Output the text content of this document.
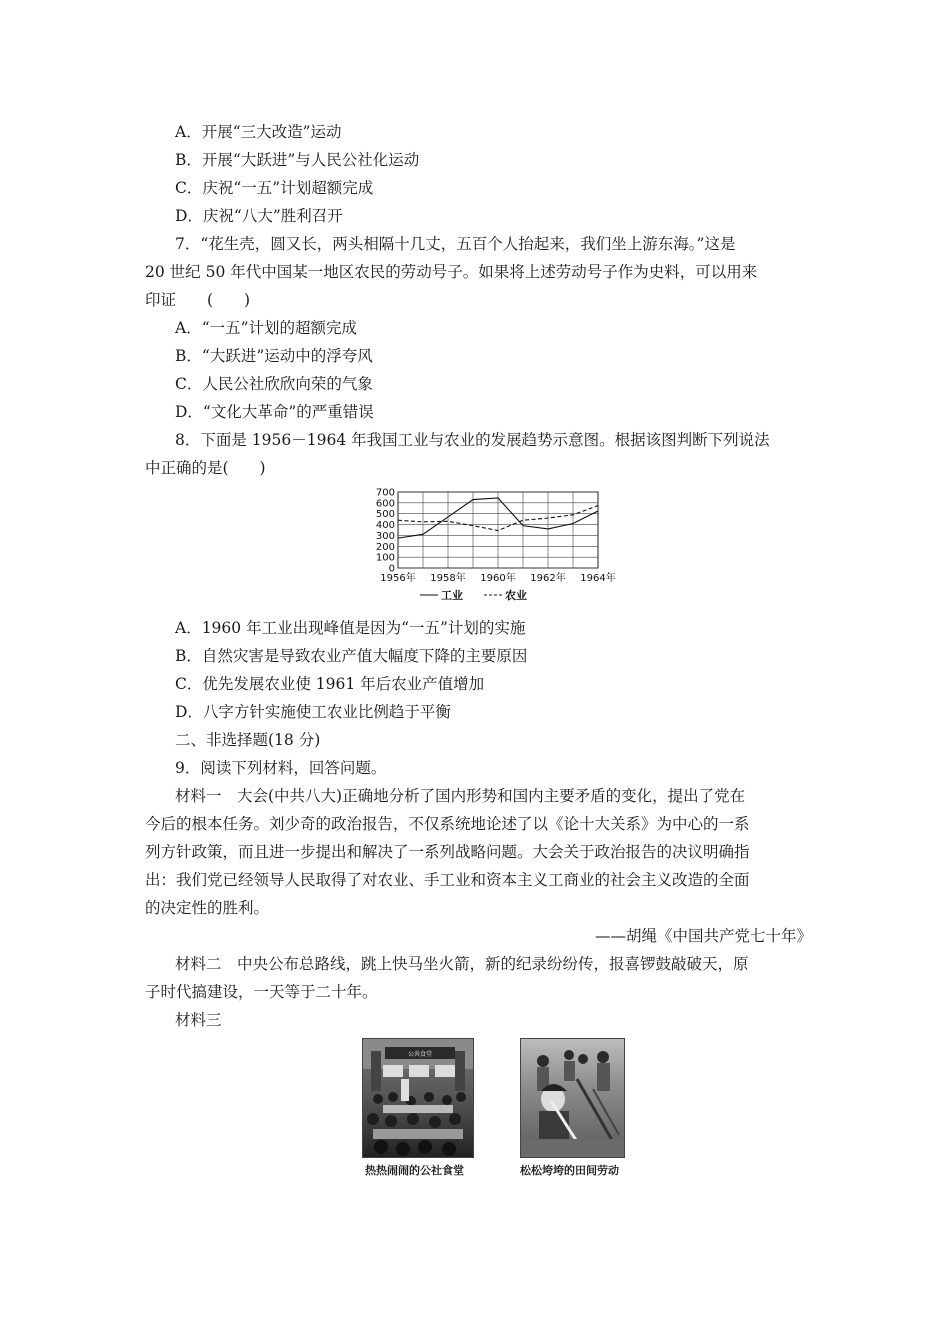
A．开展“三大改造”运动
B．开展“大跃进”与人民公社化运动
C．庆祝“一五”计划超额完成
D．庆祝“八大”胜利召开
7．“花生壳，圆又长，两头相隔十几丈，五百个人抬起来，我们坐上游东海。”这是
20 世纪 50 年代中国某一地区农民的劳动号子。如果将上述劳动号子作为史料，可以用来
印证　　(　　)
A．“一五”计划的超额完成
B．“大跃进”运动中的浮夸风
C．人民公社欣欣向荣的气象
D．“文化大革命”的严重错误
8．下面是 1956－1964 年我国工业与农业的发展趋势示意图。根据该图判断下列说法
中正确的是(　　)
0
100
200
300
400
500
600
700
1956年 1958年 1960年 1962年 1964年
工业	农业
A．1960 年工业出现峰值是因为“一五”计划的实施
B．自然灾害是导致农业产值大幅度下降的主要原因
C．优先发展农业使 1961 年后农业产值增加
D．八字方针实施使工农业比例趋于平衡
二、非选择题(18 分)
9．阅读下列材料，回答问题。
材料一　大会(中共八大)正确地分析了国内形势和国内主要矛盾的变化，提出了党在
今后的根本任务。刘少奇的政治报告，不仅系统地论述了以《论十大关系》为中心的一系
列方针政策，而且进一步提出和解决了一系列战略问题。大会关于政治报告的决议明确指
出：我们党已经领导人民取得了对农业、手工业和资本主义工商业的社会主义改造的全面
的决定性的胜利。
——胡绳《中国共产党七十年》
材料二　中央公布总路线，跳上快马坐火箭，新的纪录纷纷传，报喜锣鼓敲破天，原
子时代搞建设，一天等于二十年。
材料三
公共食堂
热热闹闹的公社食堂	松松垮垮的田间劳动
